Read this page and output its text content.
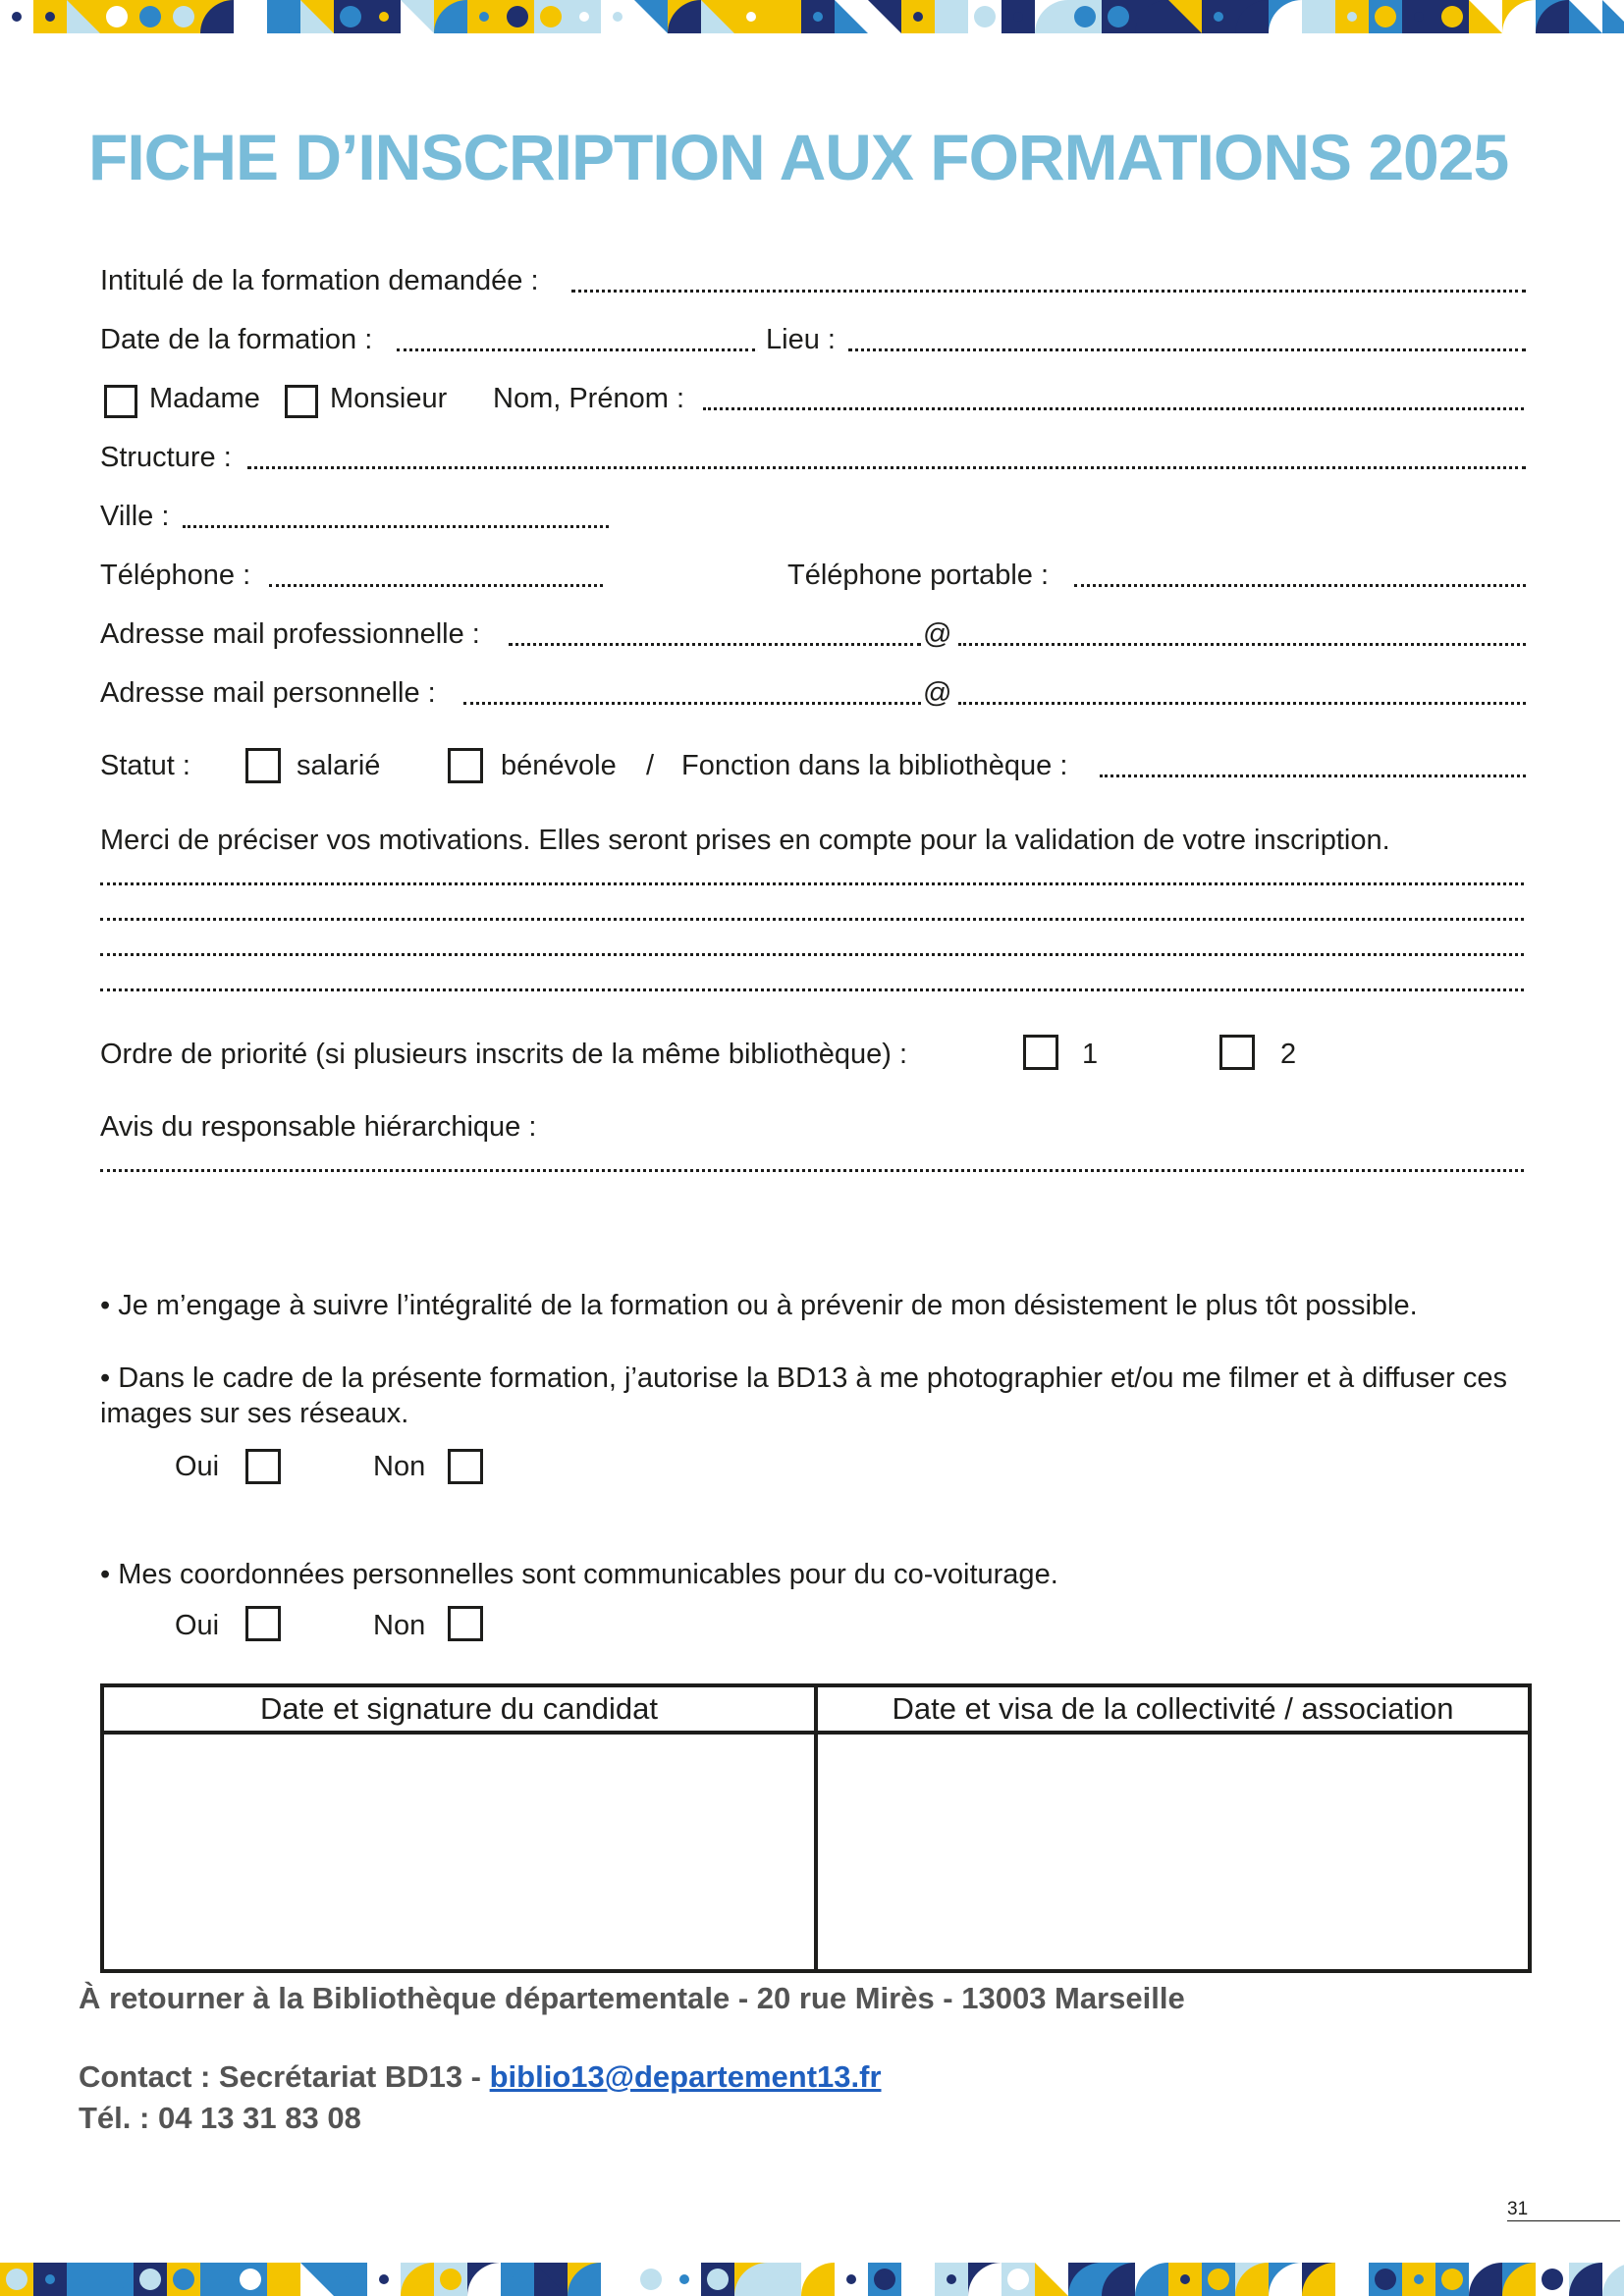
FICHE D’INSCRIPTION AUX FORMATIONS 2025
Intitulé de la formation demandée :
Date de la formation :	Lieu :
Madame Monsieur Nom, Prénom :
Structure :
Ville :
Téléphone :	Téléphone portable :
Adresse mail professionnelle :	@
Adresse mail personnelle :	@
Statut :	salarié	bénévole / Fonction dans la bibliothèque :
Merci de préciser vos motivations. Elles seront prises en compte pour la validation de votre inscription.
Ordre de priorité (si plusieurs inscrits de la même bibliothèque) :	1	2
Avis du responsable hiérarchique :
• Je m’engage à suivre l’intégralité de la formation ou à prévenir de mon désistement le plus tôt possible.
• Dans le cadre de la présente formation, j’autorise la BD13 à me photographier et/ou me filmer et à diffuser ces images sur ses réseaux.
Oui	Non
• Mes coordonnées personnelles sont communicables pour du co-voiturage.
Oui	Non
Date et signature du candidat	Date et visa de la collectivité / association

À retourner à la Bibliothèque départementale - 20 rue Mirès - 13003 Marseille
Contact : Secrétariat BD13 - biblio13@departement13.fr
Tél. : 04 13 31 83 08
31
